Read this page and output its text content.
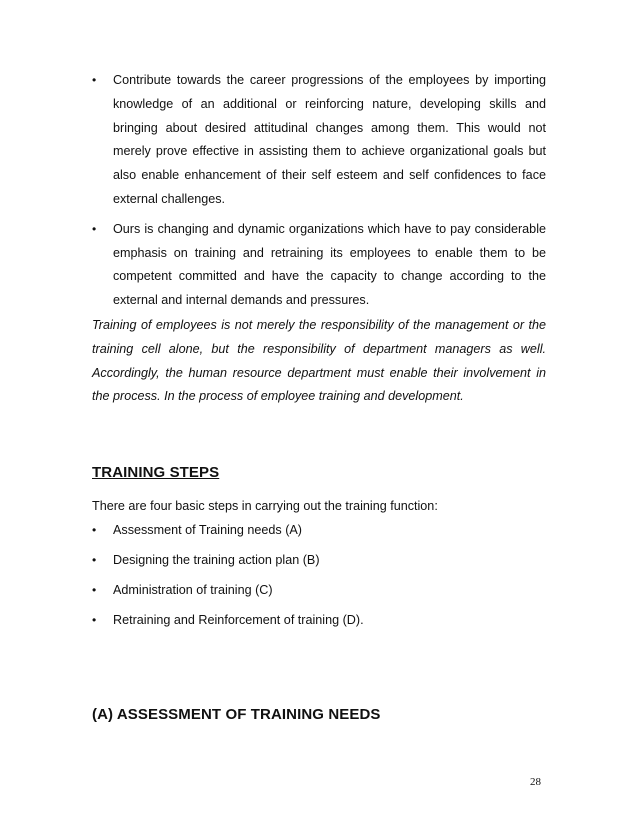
• Contribute towards the career progressions of the employees by importing knowledge of an additional or reinforcing nature, developing skills and bringing about desired attitudinal changes among them. This would not merely prove effective in assisting them to achieve organizational goals but also enable enhancement of their self esteem and self confidences to face external challenges.
• Ours is changing and dynamic organizations which have to pay considerable emphasis on training and retraining its employees to enable them to be competent committed and have the capacity to change according to the external and internal demands and pressures.

Training of employees is not merely the responsibility of the management or the training cell alone, but the responsibility of department managers as well. Accordingly, the human resource department must enable their involvement in the process. In the process of employee training and development.

TRAINING STEPS

There are four basic steps in carrying out the training function:

• Assessment of Training needs (A)
• Designing the training action plan (B)
• Administration of training (C)
• Retraining and Reinforcement of training (D).
(A) ASSESSMENT OF TRAINING NEEDS

28
